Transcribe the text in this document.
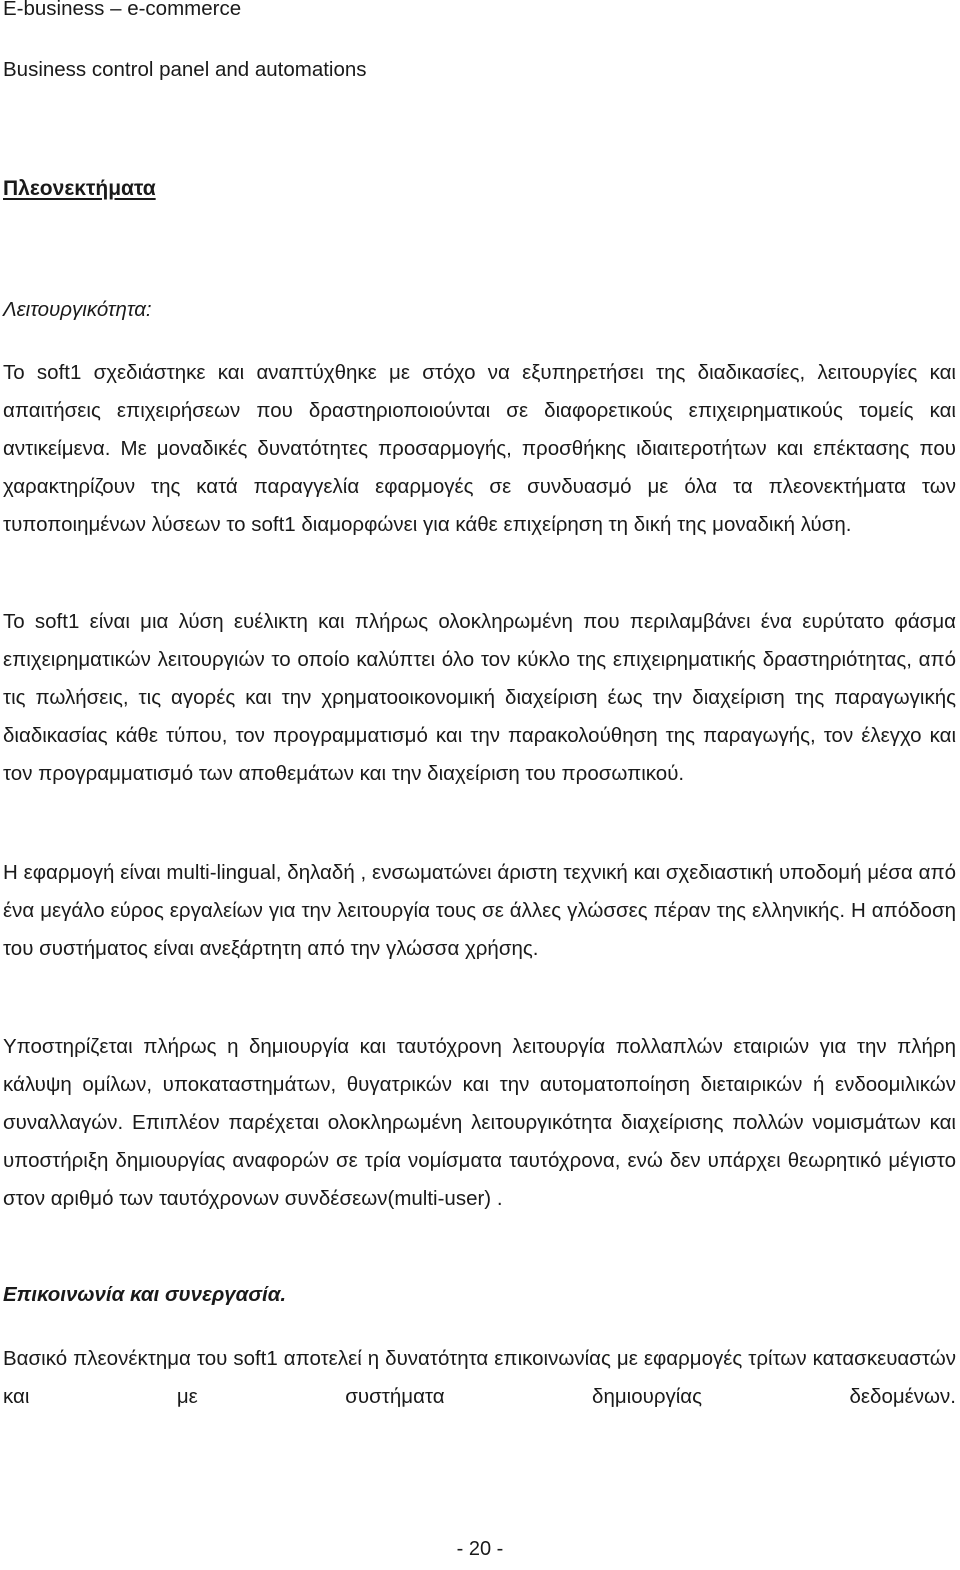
E-business – e-commerce
Business control panel and automations
Πλεονεκτήματα
Λειτουργικότητα:

Το soft1 σχεδιάστηκε και αναπτύχθηκε με στόχο να εξυπηρετήσει της διαδικασίες, λειτουργίες και απαιτήσεις επιχειρήσεων που δραστηριοποιούνται σε διαφορετικούς επιχειρηματικούς τομείς και αντικείμενα. Με μοναδικές δυνατότητες προσαρμογής, προσθήκης ιδιαιτεροτήτων και επέκτασης που χαρακτηρίζουν της κατά παραγγελία εφαρμογές σε συνδυασμό με όλα τα πλεονεκτήματα των τυποποιημένων λύσεων το soft1 διαμορφώνει για κάθε επιχείρηση τη δική της μοναδική λύση.

Το soft1 είναι μια λύση ευέλικτη και πλήρως ολοκληρωμένη που περιλαμβάνει ένα ευρύτατο φάσμα επιχειρηματικών λειτουργιών το οποίο καλύπτει όλο τον κύκλο της επιχειρηματικής δραστηριότητας, από τις πωλήσεις, τις αγορές και την χρηματοοικονομική διαχείριση έως την διαχείριση της παραγωγικής διαδικασίας κάθε τύπου, τον προγραμματισμό και την παρακολούθηση της παραγωγής, τον έλεγχο και τον προγραμματισμό των αποθεμάτων και την διαχείριση του προσωπικού.

Η εφαρμογή είναι multi-lingual, δηλαδή , ενσωματώνει άριστη τεχνική και σχεδιαστική υποδομή μέσα από ένα μεγάλο εύρος εργαλείων για την λειτουργία τους σε άλλες γλώσσες πέραν της ελληνικής. Η απόδοση του συστήματος είναι ανεξάρτητη από την γλώσσα χρήσης.

Υποστηρίζεται πλήρως η δημιουργία και ταυτόχρονη λειτουργία πολλαπλών εταιριών για την πλήρη κάλυψη ομίλων, υποκαταστημάτων, θυγατρικών και την αυτοματοποίηση διεταιρικών ή ενδοομιλικών συναλλαγών. Επιπλέον παρέχεται ολοκληρωμένη λειτουργικότητα διαχείρισης πολλών νομισμάτων και υποστήριξη δημιουργίας αναφορών σε τρία νομίσματα ταυτόχρονα, ενώ δεν υπάρχει θεωρητικό μέγιστο στον αριθμό των ταυτόχρονων συνδέσεων(multi-user) .

Επικοινωνία και συνεργασία.

Βασικό πλεονέκτημα του soft1 αποτελεί η δυνατότητα επικοινωνίας με εφαρμογές τρίτων κατασκευαστών και με συστήματα δημιουργίας δεδομένων.

- 20 -
